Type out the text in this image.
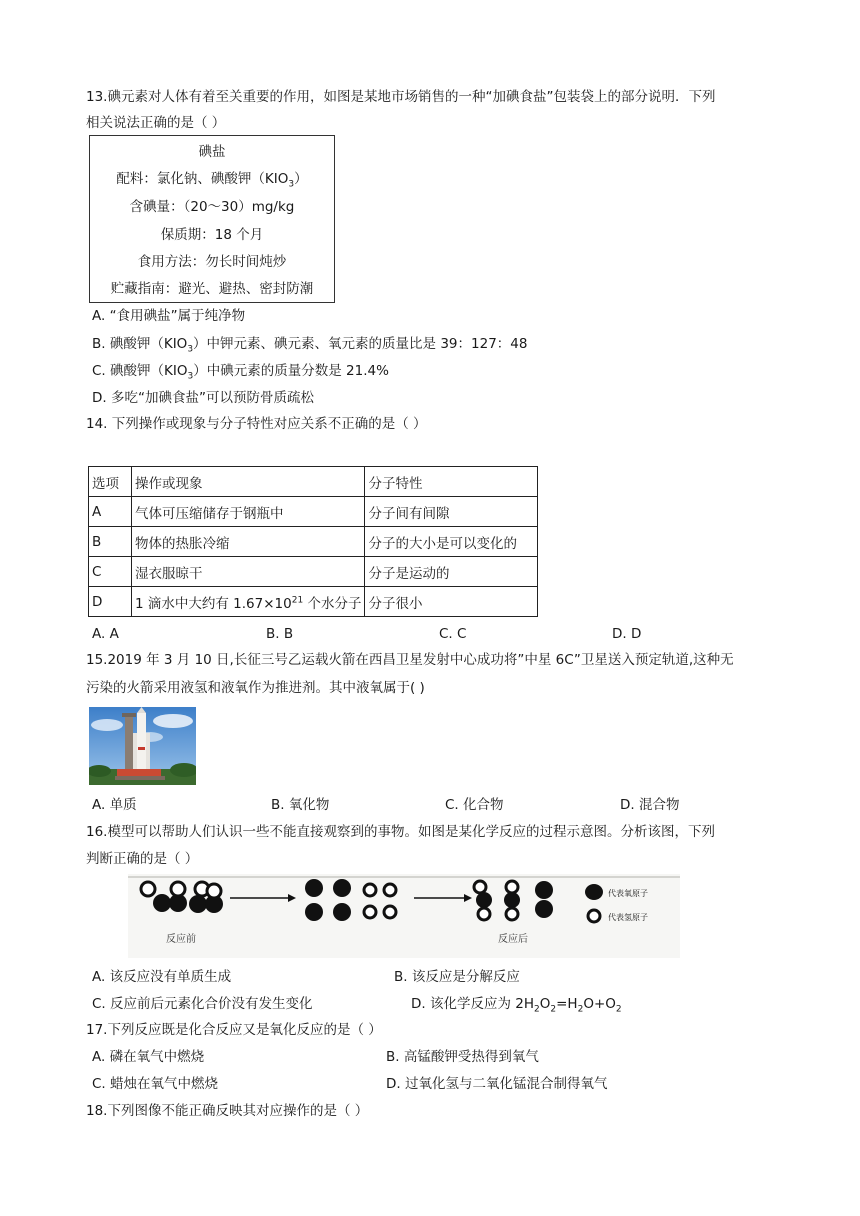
13.碘元素对人体有着至关重要的作用，如图是某地市场销售的一种“加碘食盐”包装袋上的部分说明．下列
相关说法正确的是（ ）
碘盐
配料：氯化钠、碘酸钾$(KIO_3)$
含碘量：（20～30）mg/kg
保质期：18 个月
食用方法：勿长时间炖炒
贮藏指南：避光、避热、密封防潮
A. “食用碘盐”属于纯净物
B. 碘酸钾$(KIO_3)$中钾元素、碘元素、氧元素的质量比是 39：127：48
C. 碘酸钾$(KIO_3)$中碘元素的质量分数是 21.4%
D. 多吃“加碘食盐”可以预防骨质疏松
14. 下列操作或现象与分子特性对应关系不正确的是（ ）
选项	操作或现象	分子特性
A	气体可压缩储存于钢瓶中	分子间有间隙
B	物体的热胀冷缩	分子的大小是可以变化的
C	湿衣服晾干	分子是运动的
D	1 滴水中大约有 $1.67\times 10^{21}$ 个水分子	分子很小
A. A	B. B	C. C	D. D
15.2019 年 3 月 10 日,长征三号乙运载火箭在西昌卫星发射中心成功将”中星 6C”卫星送入预定轨道,这种无
污染的火箭采用液氢和液氧作为推进剂。其中液氧属于( )
A. 单质	B. 氧化物	C. 化合物	D. 混合物
16.模型可以帮助人们认识一些不能直接观察到的事物。如图是某化学反应的过程示意图。分析该图，下列
判断正确的是（ ）
代表氧原子
代表氢原子
反应前	反应后
A. 该反应没有单质生成	B. 该反应是分解反应
C. 反应前后元素化合价没有发生变化	D. 该化学反应为 $2H_2O_2=H_2O+O_2$
17.下列反应既是化合反应又是氧化反应的是（ ）
A. 磷在氧气中燃烧	B. 高锰酸钾受热得到氧气
C. 蜡烛在氧气中燃烧	D. 过氧化氢与二氧化锰混合制得氧气
18.下列图像不能正确反映其对应操作的是（ ）
